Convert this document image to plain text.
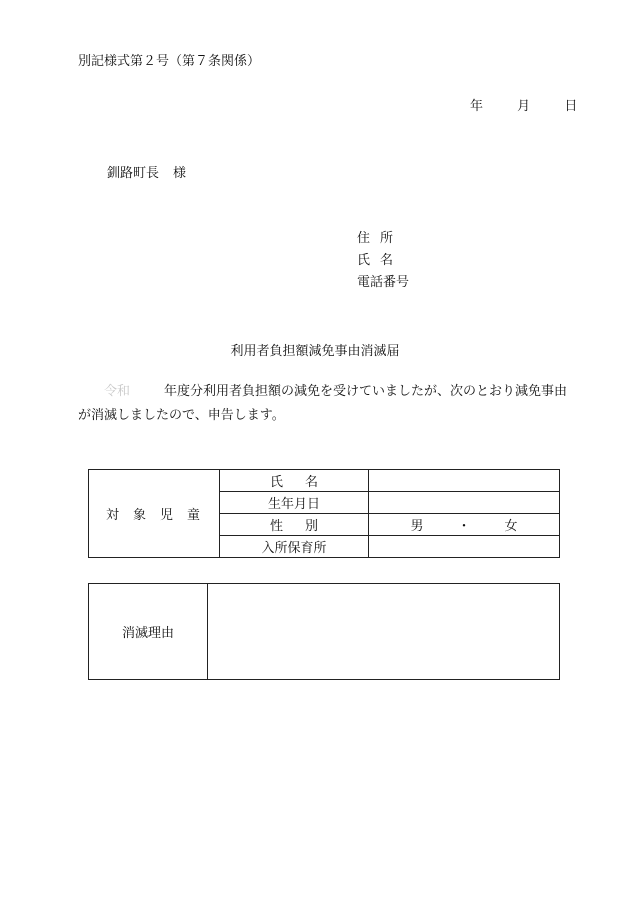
別記様式第２号（第７条関係）
年	月	日
釧路町長 様
住所
氏名
電話番号
利用者負担額減免事由消滅届
令和	年度分利用者負担額の減免を受けていましたが、次のとおり減免事由が消滅しましたので、申告します。
対象児童	氏名	
	生年月日	
	性別	男 ・ 女
	入所保育所	
消滅理由	
